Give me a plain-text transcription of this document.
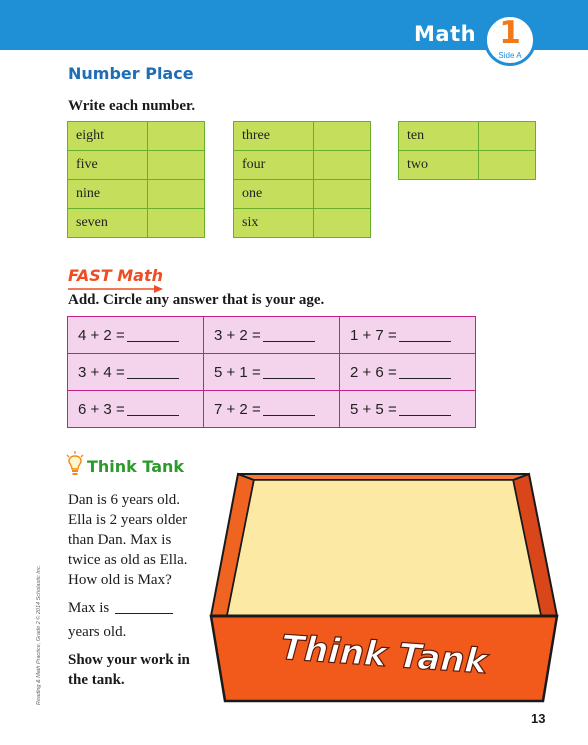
Math 1
Side A
Number Place
Write each number.
eight	
five	
nine	
seven	
three	
four	
one	
six	
ten	
two	
FAST Math
Add. Circle any answer that is your age.
4 + 2 =	3 + 2 =	1 + 7 =
3 + 4 =	5 + 1 =	2 + 6 =
6 + 3 =	7 + 2 =	5 + 5 =
Think Tank
Dan is 6 years old.
Ella is 2 years older
than Dan. Max is
twice as old as Ella.
How old is Max?
Max is
years old.
Show your work in
the tank.	Think Tank
Reading & Math Practice, Grade 2 © 2014 Scholastic Inc.
13
